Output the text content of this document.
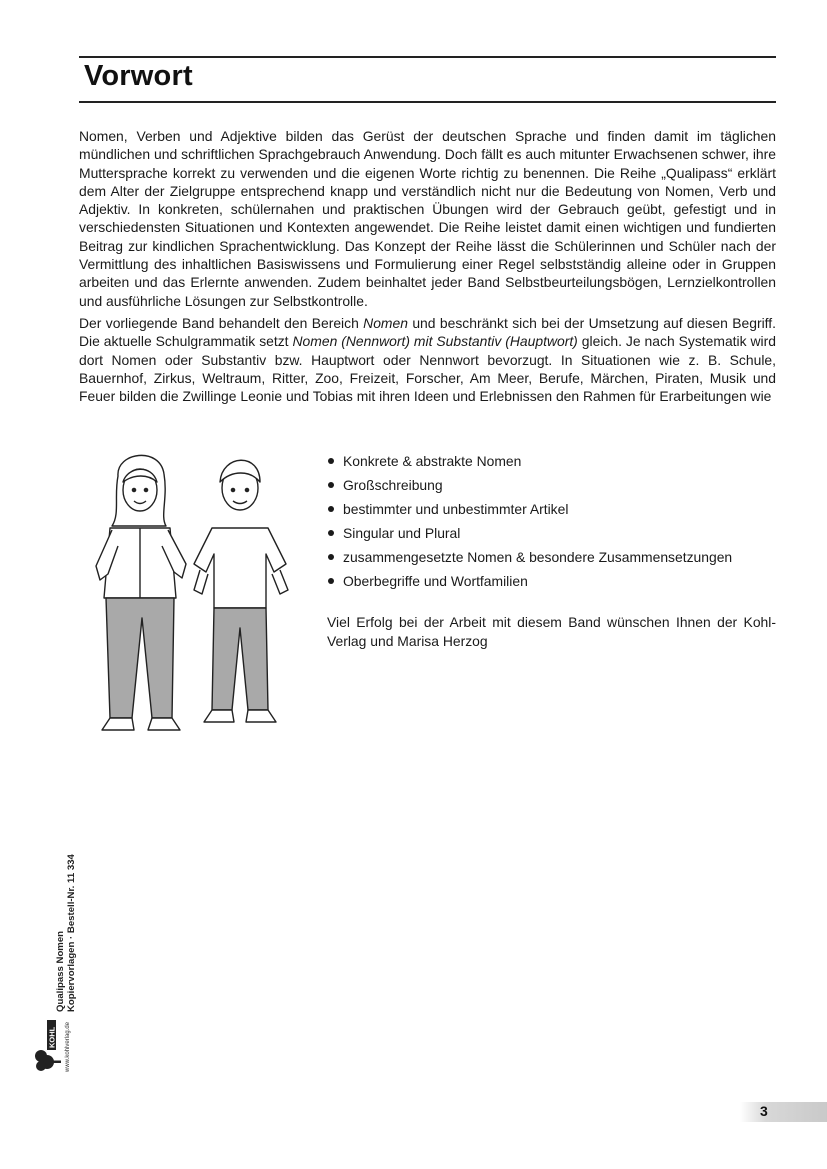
Vorwort

Nomen, Verben und Adjektive bilden das Gerüst der deutschen Sprache und finden damit im täglichen mündlichen und schriftlichen Sprachgebrauch Anwendung. Doch fällt es auch mitunter Erwachsenen schwer, ihre Muttersprache korrekt zu verwenden und die eigenen Worte richtig zu benennen. Die Reihe „Qualipass“ erklärt dem Alter der Zielgruppe entsprechend knapp und verständlich nicht nur die Bedeutung von Nomen, Verb und Adjektiv. In konkreten, schülernahen und praktischen Übungen wird der Gebrauch geübt, gefestigt und in verschiedensten Situationen und Kontexten angewendet. Die Reihe leistet damit einen wichtigen und fundierten Beitrag zur kindlichen Sprachentwicklung. Das Konzept der Reihe lässt die Schülerinnen und Schüler nach der Vermittlung des inhaltlichen Basiswissens und Formulierung einer Regel selbstständig alleine oder in Gruppen arbeiten und das Erlernte anwenden. Zudem beinhaltet jeder Band Selbstbeurteilungsbögen, Lernzielkontrollen und ausführliche Lösungen zur Selbstkontrolle.

Der vorliegende Band behandelt den Bereich Nomen und beschränkt sich bei der Umsetzung auf diesen Begriff. Die aktuelle Schulgrammatik setzt Nomen (Nennwort) mit Substantiv (Hauptwort) gleich. Je nach Systematik wird dort Nomen oder Substantiv bzw. Hauptwort oder Nennwort bevorzugt. In Situationen wie z. B. Schule, Bauernhof, Zirkus, Weltraum, Ritter, Zoo, Freizeit, Forscher, Am Meer, Berufe, Märchen, Piraten, Musik und Feuer bilden die Zwillinge Leonie und Tobias mit ihren Ideen und Erlebnissen den Rahmen für Erarbeitungen wie

Konkrete & abstrakte Nomen
Großschreibung
bestimmter und unbestimmter Artikel
Singular und Plural
zusammengesetzte Nomen & besondere Zusammensetzungen
Oberbegriffe und Wortfamilien

Viel Erfolg bei der Arbeit mit diesem Band wünschen Ihnen der Kohl-Verlag und Marisa Herzog

KOHL www.kohlverlag.de
Qualipass Nomen Kopiervorlagen · Bestell-Nr. 11 334
3
